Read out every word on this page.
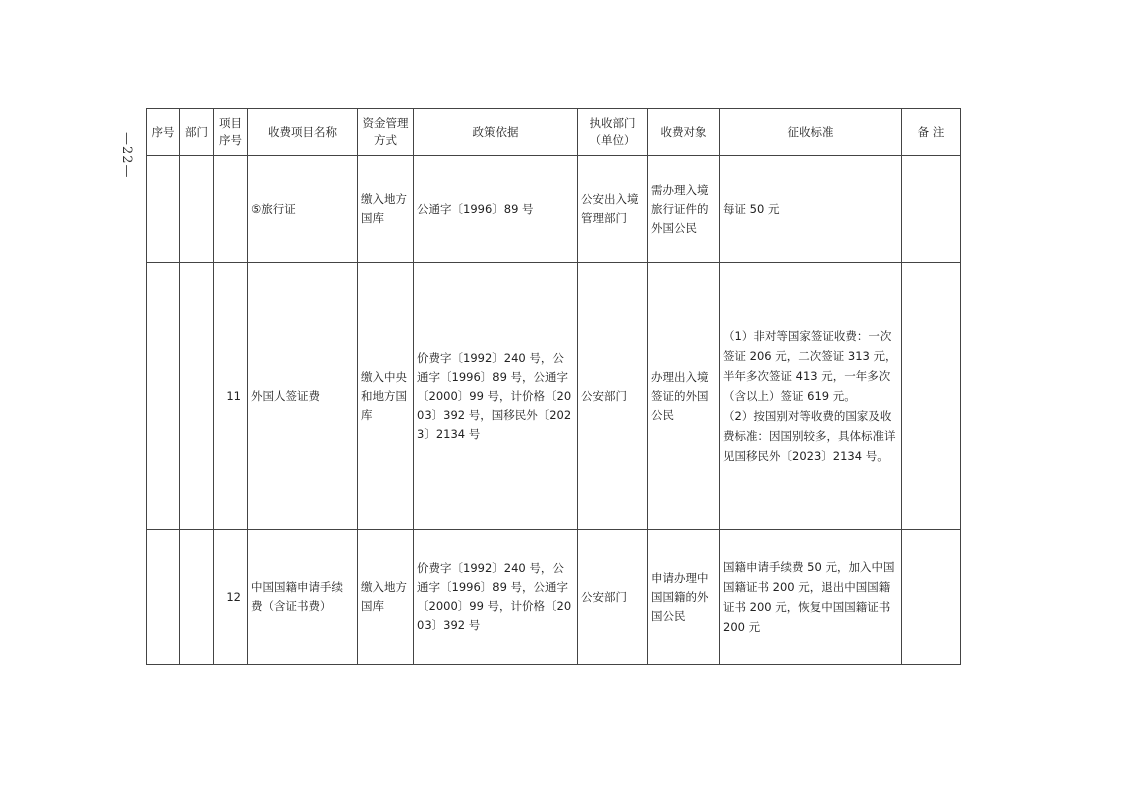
—22—
序号	部门	项目序号	收费项目名称	资金管理方式	政策依据	执收部门（单位）	收费对象	征收标准	备 注
			⑤旅行证	缴入地方国库	公通字〔1996〕89 号	公安出入境管理部门	需办理入境旅行证件的外国公民	每证 50 元	
		11	外国人签证费	缴入中央和地方国库	价费字〔1992〕240 号，公通字〔1996〕89 号，公通字〔2000〕99 号，计价格〔2003〕392 号，国移民外〔2023〕2134 号	公安部门	办理出入境签证的外国公民	（1）非对等国家签证收费：一次签证 206 元，二次签证 313 元，半年多次签证 413 元，一年多次（含以上）签证 619 元。
（2）按国别对等收费的国家及收费标准：因国别较多，具体标准详见国移民外〔2023〕2134 号。	

		12	中国国籍申请手续费（含证书费）	缴入地方国库	价费字〔1992〕240 号，公通字〔1996〕89 号，公通字〔2000〕99 号，计价格〔2003〕392 号	公安部门	申请办理中国国籍的外国公民	国籍申请手续费 50 元，加入中国国籍证书 200 元，退出中国国籍证书 200 元，恢复中国国籍证书 200 元	
